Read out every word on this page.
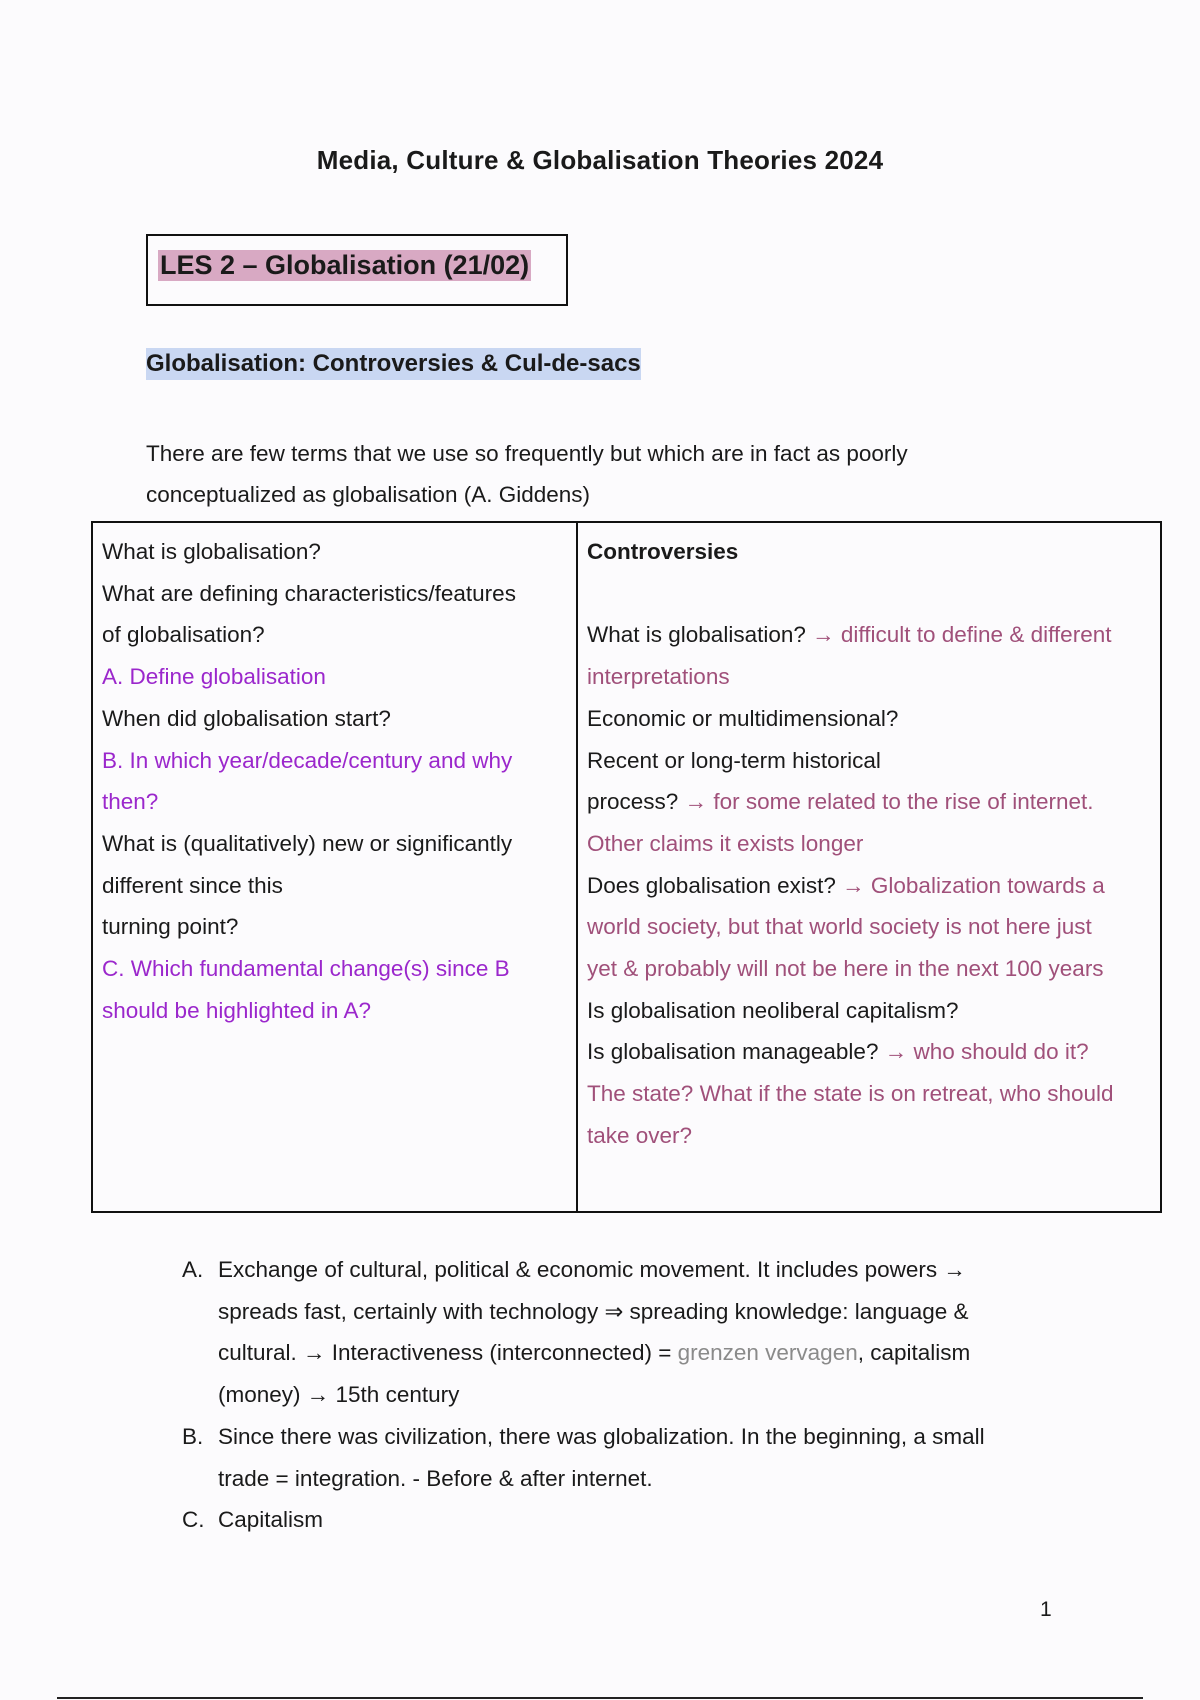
Media, Culture & Globalisation Theories 2024
LES 2 – Globalisation (21/02)
Globalisation: Controversies & Cul-de-sacs
There are few terms that we use so frequently but which are in fact as poorly
conceptualized as globalisation (A. Giddens)
What is globalisation?
What are defining characteristics/features
of globalisation?
A. Define globalisation
When did globalisation start?
B. In which year/decade/century and why
then?
What is (qualitatively) new or significantly
different since this
turning point?
C. Which fundamental change(s) since B
should be highlighted in A?

Controversies
What is globalisation? → difficult to define & different
interpretations
Economic or multidimensional?
Recent or long-term historical
process? → for some related to the rise of internet.
Other claims it exists longer
Does globalisation exist? → Globalization towards a
world society, but that world society is not here just
yet & probably will not be here in the next 100 years
Is globalisation neoliberal capitalism?
Is globalisation manageable? → who should do it?
The state? What if the state is on retreat, who should
take over?
A. Exchange of cultural, political & economic movement. It includes powers →
spreads fast, certainly with technology ⇒ spreading knowledge: language &
cultural. → Interactiveness (interconnected) = grenzen vervagen, capitalism
(money) → 15th century
B. Since there was civilization, there was globalization. In the beginning, a small
trade = integration. - Before & after internet.
C. Capitalism
1
